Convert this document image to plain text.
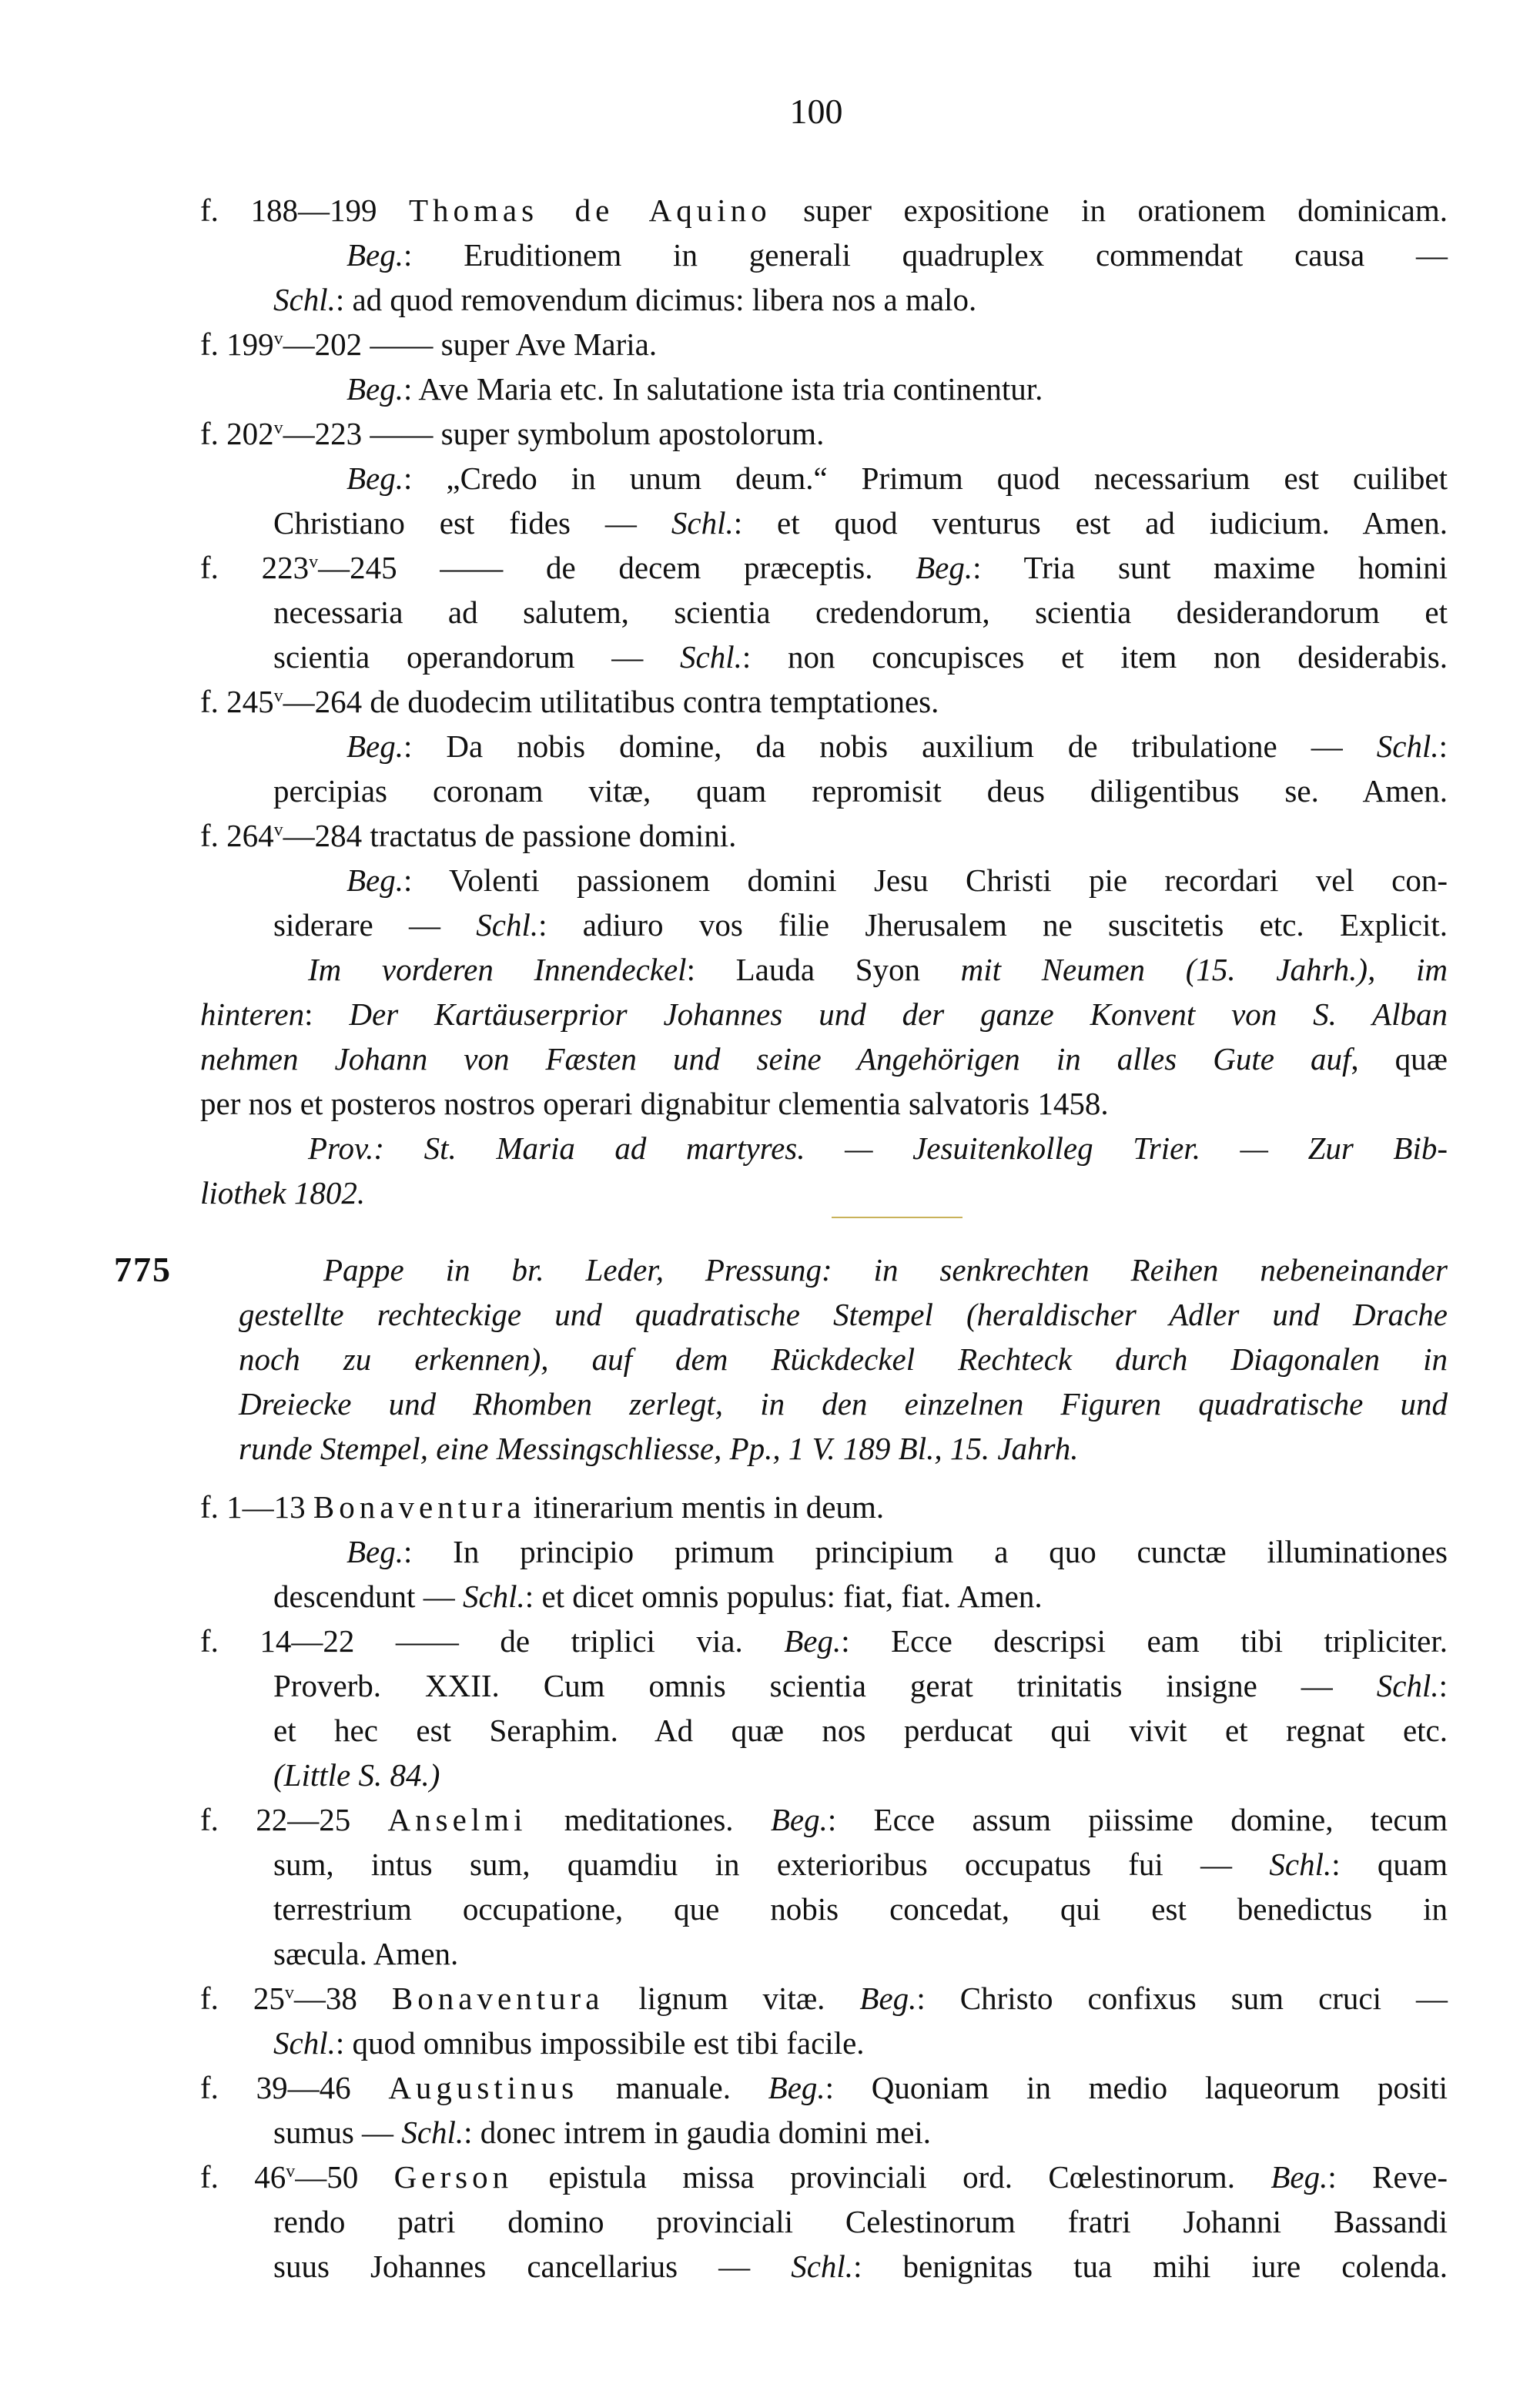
100
f. 188—199 Thomas de Aquino super expositione in orationem dominicam.
Beg.: Eruditionem in generali quadruplex commendat causa —
Schl.: ad quod removendum dicimus: libera nos a malo.
f. 199$^v$—202 —— super Ave Maria.
Beg.: Ave Maria etc. In salutatione ista tria continentur.
f. 202$^v$—223 —— super symbolum apostolorum.
Beg.: „Credo in unum deum.“ Primum quod necessarium est cuilibet
Christiano est fides — Schl.: et quod venturus est ad iudicium. Amen.
f. 223$^v$—245 —— de decem præceptis. Beg.: Tria sunt maxime homini
necessaria ad salutem, scientia credendorum, scientia desiderandorum et
scientia operandorum — Schl.: non concupisces et item non desiderabis.
f. 245$^v$—264 de duodecim utilitatibus contra temptationes.
Beg.: Da nobis domine, da nobis auxilium de tribulatione — Schl.:
percipias coronam vitæ, quam repromisit deus diligentibus se. Amen.
f. 264$^v$—284 tractatus de passione domini.
Beg.: Volenti passionem domini Jesu Christi pie recordari vel con-
siderare — Schl.: adiuro vos filie Jherusalem ne suscitetis etc. Explicit.
Im vorderen Innendeckel: Lauda Syon mit Neumen (15. Jahrh.), im
hinteren: Der Kartäuserprior Johannes und der ganze Konvent von S. Alban
nehmen Johann von Fæsten und seine Angehörigen in alles Gute auf, quæ
per nos et posteros nostros operari dignabitur clementia salvatoris 1458.
Prov.: St. Maria ad martyres. — Jesuitenkolleg Trier. — Zur Bib-
liothek 1802.
775	Pappe in br. Leder, Pressung: in senkrechten Reihen nebeneinander
gestellte rechteckige und quadratische Stempel (heraldischer Adler und Drache
noch zu erkennen), auf dem Rückdeckel Rechteck durch Diagonalen in
Dreiecke und Rhomben zerlegt, in den einzelnen Figuren quadratische und
runde Stempel, eine Messingschliesse, Pp., 1 V. 189 Bl., 15. Jahrh.
f. 1—13 Bonaventura itinerarium mentis in deum.
Beg.: In principio primum principium a quo cunctæ illuminationes
descendunt — Schl.: et dicet omnis populus: fiat, fiat. Amen.
f. 14—22 —— de triplici via. Beg.: Ecce descripsi eam tibi tripliciter.
Proverb. XXII. Cum omnis scientia gerat trinitatis insigne — Schl.:
et hec est Seraphim. Ad quæ nos perducat qui vivit et regnat etc.
(Little S. 84.)
f. 22—25 Anselmi meditationes. Beg.: Ecce assum piissime domine, tecum
sum, intus sum, quamdiu in exterioribus occupatus fui — Schl.: quam
terrestrium occupatione, que nobis concedat, qui est benedictus in
sæcula. Amen.
f. 25$^v$—38 Bonaventura lignum vitæ. Beg.: Christo confixus sum cruci —
Schl.: quod omnibus impossibile est tibi facile.
f. 39—46 Augustinus manuale. Beg.: Quoniam in medio laqueorum positi
sumus — Schl.: donec intrem in gaudia domini mei.
f. 46$^v$—50 Gerson epistula missa provinciali ord. Cœlestinorum. Beg.: Reve-
rendo patri domino provinciali Celestinorum fratri Johanni Bassandi
suus Johannes cancellarius — Schl.: benignitas tua mihi iure colenda.
